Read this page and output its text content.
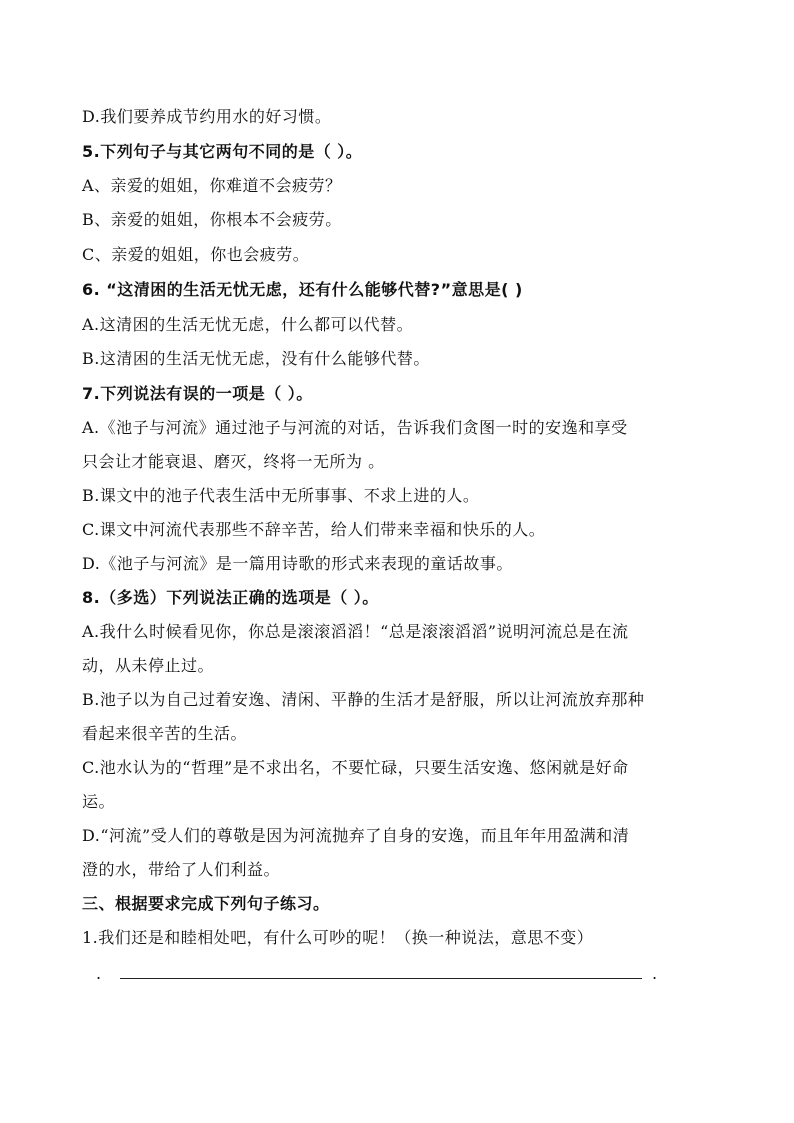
D.我们要养成节约用水的好习惯。
5.下列句子与其它两句不同的是（ ）。
A、亲爱的姐姐，你难道不会疲劳？
B、亲爱的姐姐，你根本不会疲劳。
C、亲爱的姐姐，你也会疲劳。
6. “这清困的生活无忧无虑，还有什么能够代替?”意思是( )
A.这清困的生活无忧无虑，什么都可以代替。
B.这清困的生活无忧无虑，没有什么能够代替。
7.下列说法有误的一项是（ ）。
A.《池子与河流》通过池子与河流的对话，告诉我们贪图一时的安逸和享受
只会让才能衰退、磨灭，终将一无所为 。
B.课文中的池子代表生活中无所事事、不求上进的人。
C.课文中河流代表那些不辞辛苦，给人们带来幸福和快乐的人。
D.《池子与河流》是一篇用诗歌的形式来表现的童话故事。
8.（多选）下列说法正确的选项是（ ）。
A.我什么时候看见你，你总是滚滚滔滔！“总是滚滚滔滔”说明河流总是在流
动，从未停止过。
B.池子以为自己过着安逸、清闲、平静的生活才是舒服，所以让河流放弃那种
看起来很辛苦的生活。
C.池水认为的“哲理”是不求出名，不要忙碌，只要生活安逸、悠闲就是好命
运。
D.“河流”受人们的尊敬是因为河流抛弃了自身的安逸，而且年年用盈满和清
澄的水，带给了人们利益。
三、根据要求完成下列句子练习。
1.我们还是和睦相处吧，有什么可吵的呢！（换一种说法，意思不变）
.	.
